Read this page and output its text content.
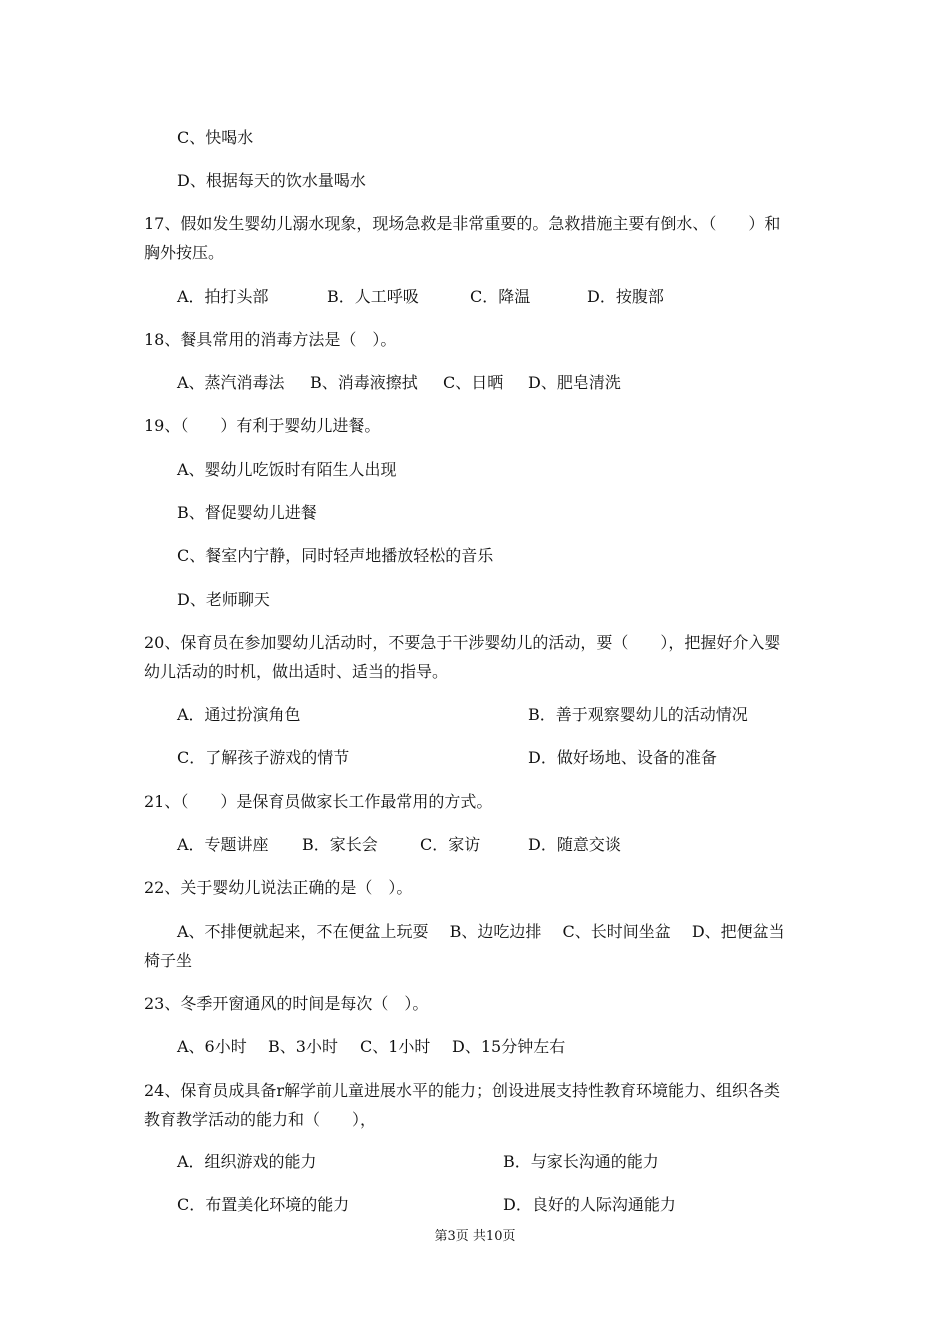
C、快喝水
D、根据每天的饮水量喝水
17、假如发生婴幼儿溺水现象，现场急救是非常重要的。急救措施主要有倒水、（　　）和
胸外按压。
A．拍打头部	B．人工呼吸	C．降温	D．按腹部
18、餐具常用的消毒方法是（　）。
A、蒸汽消毒法 B、消毒液擦拭 C、日晒 D、肥皂清洗
19、（　　）有利于婴幼儿进餐。
A、婴幼儿吃饭时有陌生人出现
B、督促婴幼儿进餐
C、餐室内宁静，同时轻声地播放轻松的音乐
D、老师聊天
20、保育员在参加婴幼儿活动时，不要急于干涉婴幼儿的活动，要（　　），把握好介入婴
幼儿活动的时机，做出适时、适当的指导。
A．通过扮演角色	B．善于观察婴幼儿的活动情况
C．了解孩子游戏的情节	D．做好场地、设备的准备
21、（　　）是保育员做家长工作最常用的方式。
A．专题讲座 B．家长会	C．家访	D．随意交谈
22、关于婴幼儿说法正确的是（　）。
A、不排便就起来，不在便盆上玩耍　 B、边吃边排　 C、长时间坐盆　 D、把便盆当
椅子坐
23、冬季开窗通风的时间是每次（　）。
A、6小时 B、3小时 C、1小时 D、15分钟左右
24、保育员成具备r解学前儿童进展水平的能力；创设进展支持性教育环境能力、组织各类
教育教学活动的能力和（　　），
A．组织游戏的能力	B．与家长沟通的能力
C．布置美化环境的能力	D．良好的人际沟通能力
第3页 共10页
